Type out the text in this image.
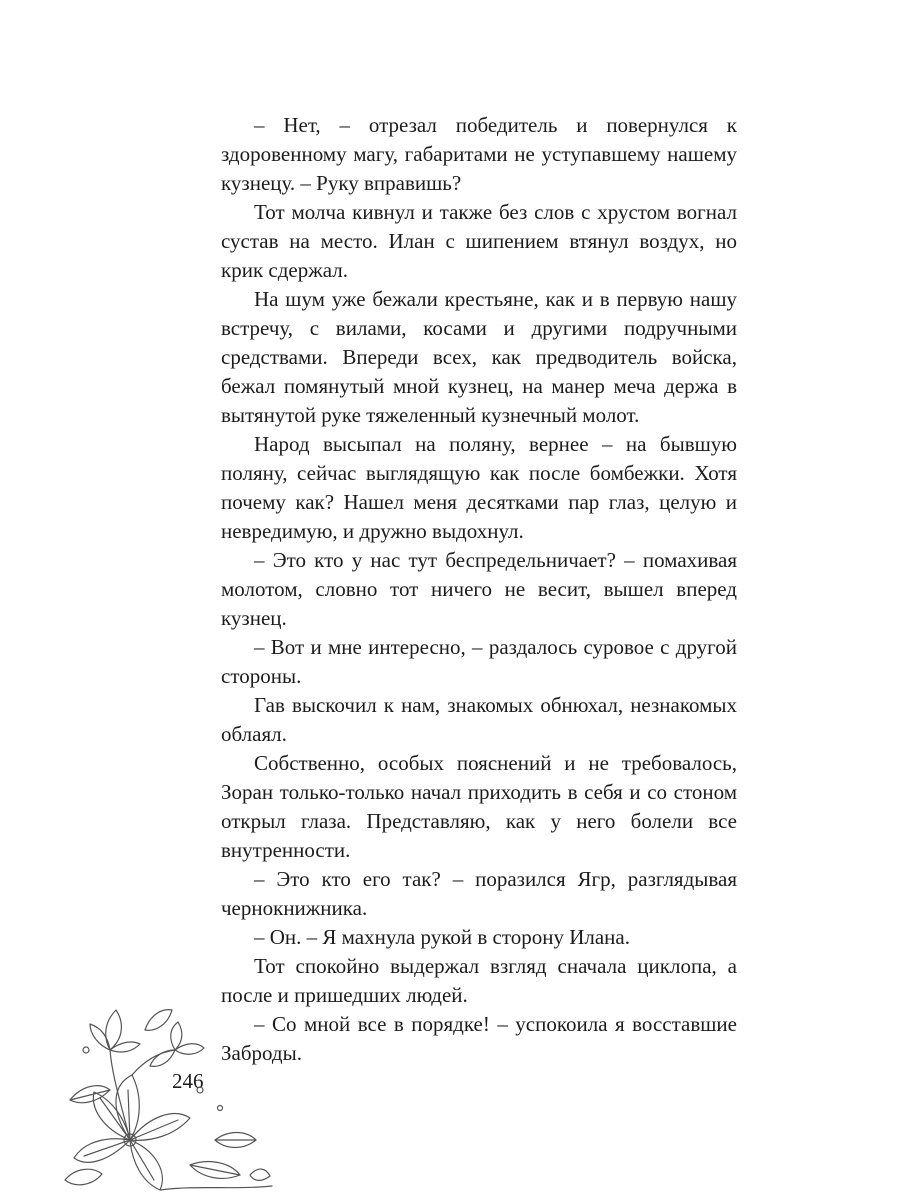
– Нет, – отрезал победитель и повернулся к здоровенному магу, габаритами не уступавшему нашему кузнецу. – Руку вправишь?

Тот молча кивнул и также без слов с хрустом вогнал сустав на место. Илан с шипением втянул воздух, но крик сдержал.

На шум уже бежали крестьяне, как и в первую нашу встречу, с вилами, косами и другими подручными средствами. Впереди всех, как предводитель войска, бежал помянутый мной кузнец, на манер меча держа в вытянутой руке тяжеленный кузнечный молот.

Народ высыпал на поляну, вернее – на бывшую поляну, сейчас выглядящую как после бомбежки. Хотя почему как? Нашел меня десятками пар глаз, целую и невредимую, и дружно выдохнул.

– Это кто у нас тут беспредельничает? – помахивая молотом, словно тот ничего не весит, вышел вперед кузнец.

– Вот и мне интересно, – раздалось суровое с другой стороны.

Гав выскочил к нам, знакомых обнюхал, незнакомых облаял.

Собственно, особых пояснений и не требовалось, Зоран только-только начал приходить в себя и со стоном открыл глаза. Представляю, как у него болели все внутренности.

– Это кто его так? – поразился Ягр, разглядывая чернокнижника.

– Он. – Я махнула рукой в сторону Илана.

Тот спокойно выдержал взгляд сначала циклопа, а после и пришедших людей.

– Со мной все в порядке! – успокоила я восставшие Заброды.

246
